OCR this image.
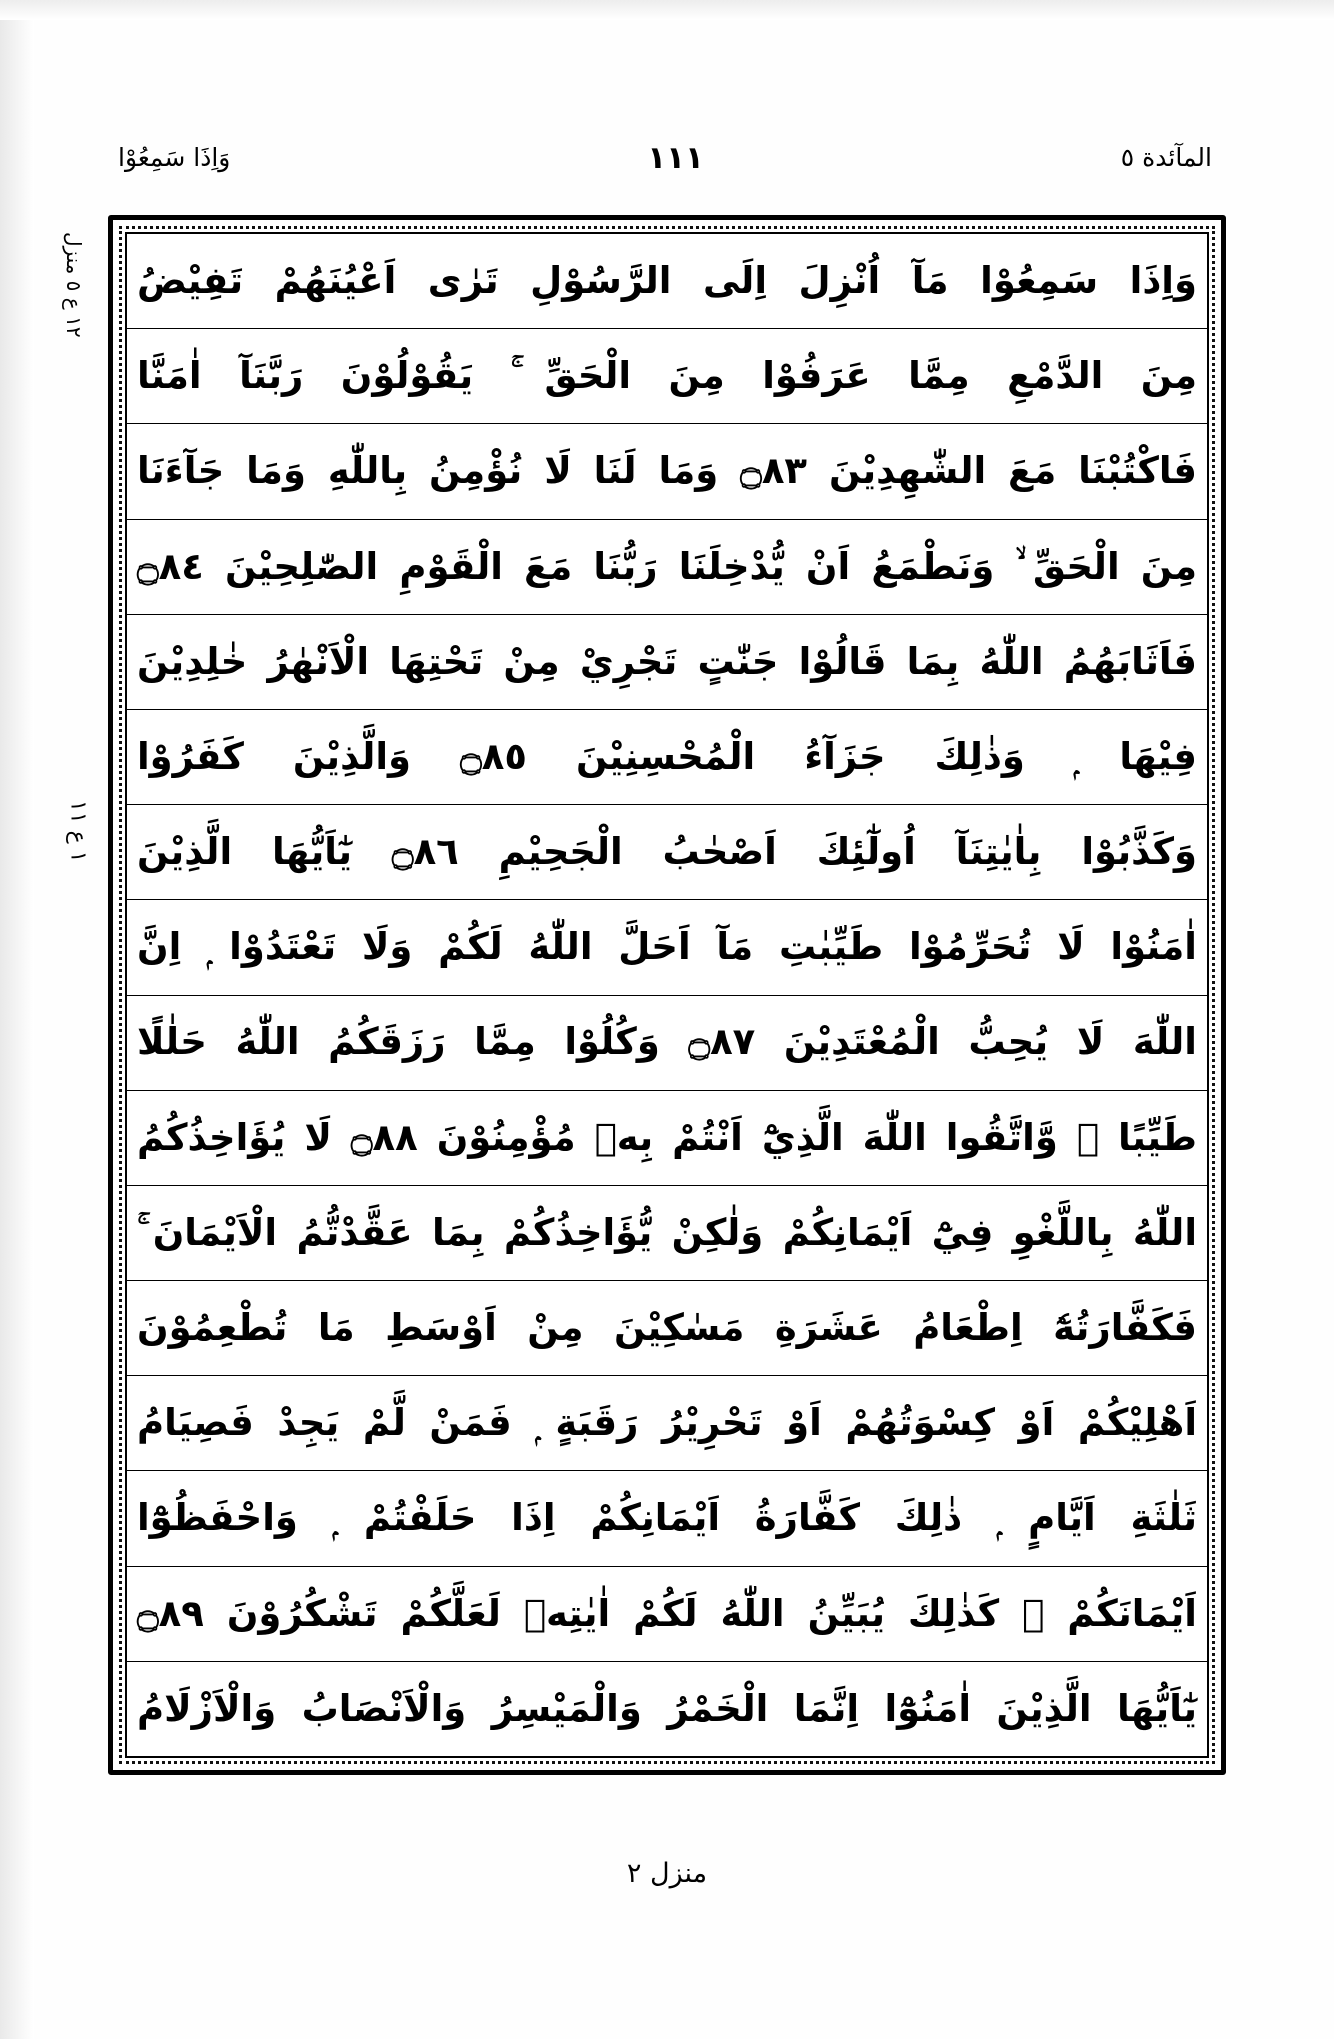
المآئدة ٥
١١١
وَاِذَا سَمِعُوْا
١٢ ع ٥ منزل
١ ع ١١
وَاِذَا سَمِعُوْا مَآ اُنْزِلَ اِلَى الرَّسُوْلِ تَرٰى اَعْيُنَهُمْ تَفِيْضُ
مِنَ الدَّمْعِ مِمَّا عَرَفُوْا مِنَ الْحَقِّ ۚ يَقُوْلُوْنَ رَبَّنَآ اٰمَنَّا
فَاكْتُبْنَا مَعَ الشّٰهِدِيْنَ ۝٨٣ وَمَا لَنَا لَا نُؤْمِنُ بِاللّٰهِ وَمَا جَآءَنَا
مِنَ الْحَقِّ ۙ وَنَطْمَعُ اَنْ يُّدْخِلَنَا رَبُّنَا مَعَ الْقَوْمِ الصّٰلِحِيْنَ ۝٨٤
فَاَثَابَهُمُ اللّٰهُ بِمَا قَالُوْا جَنّٰتٍ تَجْرِيْ مِنْ تَحْتِهَا الْاَنْهٰرُ خٰلِدِيْنَ
فِيْهَا ۭ وَذٰلِكَ جَزَآءُ الْمُحْسِنِيْنَ ۝٨٥ وَالَّذِيْنَ كَفَرُوْا
وَكَذَّبُوْا بِاٰيٰتِنَآ اُولٰٓئِكَ اَصْحٰبُ الْجَحِيْمِ ۝٨٦ يٰٓاَيُّهَا الَّذِيْنَ
اٰمَنُوْا لَا تُحَرِّمُوْا طَيِّبٰتِ مَآ اَحَلَّ اللّٰهُ لَكُمْ وَلَا تَعْتَدُوْا ۭ اِنَّ
اللّٰهَ لَا يُحِبُّ الْمُعْتَدِيْنَ ۝٨٧ وَكُلُوْا مِمَّا رَزَقَكُمُ اللّٰهُ حَلٰلًا
طَيِّبًا ۪ وَّاتَّقُوا اللّٰهَ الَّذِيْٓ اَنْتُمْ بِهٖ مُؤْمِنُوْنَ ۝٨٨ لَا يُؤَاخِذُكُمُ
اللّٰهُ بِاللَّغْوِ فِيْٓ اَيْمَانِكُمْ وَلٰكِنْ يُّؤَاخِذُكُمْ بِمَا عَقَّدْتُّمُ الْاَيْمَانَ ۚ
فَكَفَّارَتُهٗٓ اِطْعَامُ عَشَرَةِ مَسٰكِيْنَ مِنْ اَوْسَطِ مَا تُطْعِمُوْنَ
اَهْلِيْكُمْ اَوْ كِسْوَتُهُمْ اَوْ تَحْرِيْرُ رَقَبَةٍ ۭ فَمَنْ لَّمْ يَجِدْ فَصِيَامُ
ثَلٰثَةِ اَيَّامٍ ۭ ذٰلِكَ كَفَّارَةُ اَيْمَانِكُمْ اِذَا حَلَفْتُمْ ۭ وَاحْفَظُوْٓا
اَيْمَانَكُمْ ۭ كَذٰلِكَ يُبَيِّنُ اللّٰهُ لَكُمْ اٰيٰتِهٖ لَعَلَّكُمْ تَشْكُرُوْنَ ۝٨٩
يٰٓاَيُّهَا الَّذِيْنَ اٰمَنُوْٓا اِنَّمَا الْخَمْرُ وَالْمَيْسِرُ وَالْاَنْصَابُ وَالْاَزْلَامُ
منزل ٢
